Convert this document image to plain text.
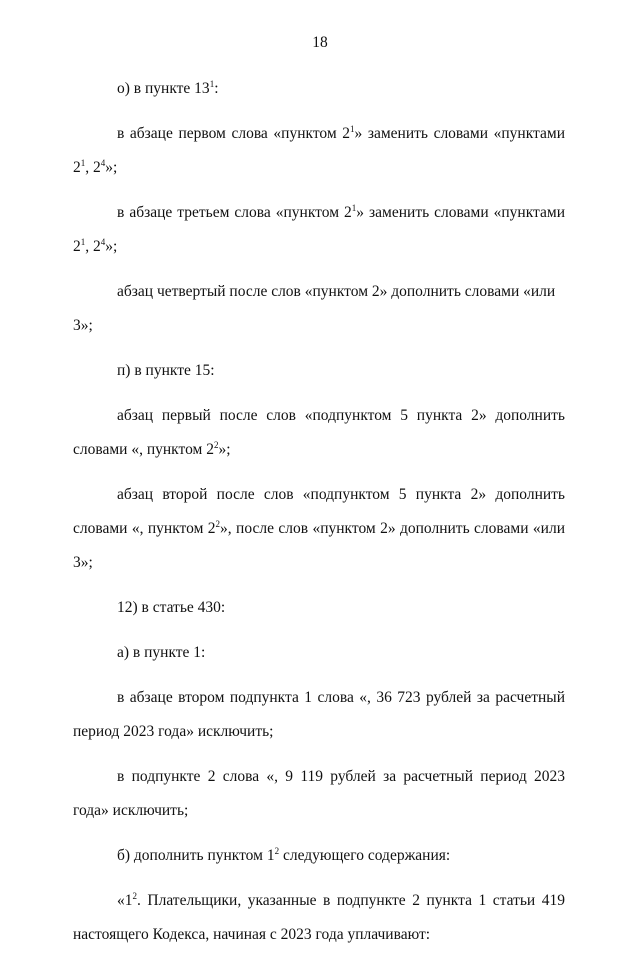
18

о) в пункте $13^1$:

в абзаце первом слова «пунктом $2^1$» заменить словами «пунктами $2^1$, $2^4$»;

в абзаце третьем слова «пунктом $2^1$» заменить словами «пунктами $2^1$, $2^4$»;

абзац четвертый после слов «пунктом 2» дополнить словами «или 3»;

п) в пункте 15:

абзац первый после слов «подпунктом 5 пункта 2» дополнить словами «, пунктом $2^2$»;

абзац второй после слов «подпунктом 5 пункта 2» дополнить словами «, пунктом $2^2$», после слов «пунктом 2» дополнить словами «или 3»;

12) в статье 430:

а) в пункте 1:

в абзаце втором подпункта 1 слова «, 36 723 рублей за расчетный период 2023 года» исключить;

в подпункте 2 слова «, 9 119 рублей за расчетный период 2023 года» исключить;

б) дополнить пунктом $1^2$ следующего содержания:

«$1^2$. Плательщики, указанные в подпункте 2 пункта 1 статьи 419 настоящего Кодекса, начиная с 2023 года уплачивают:
